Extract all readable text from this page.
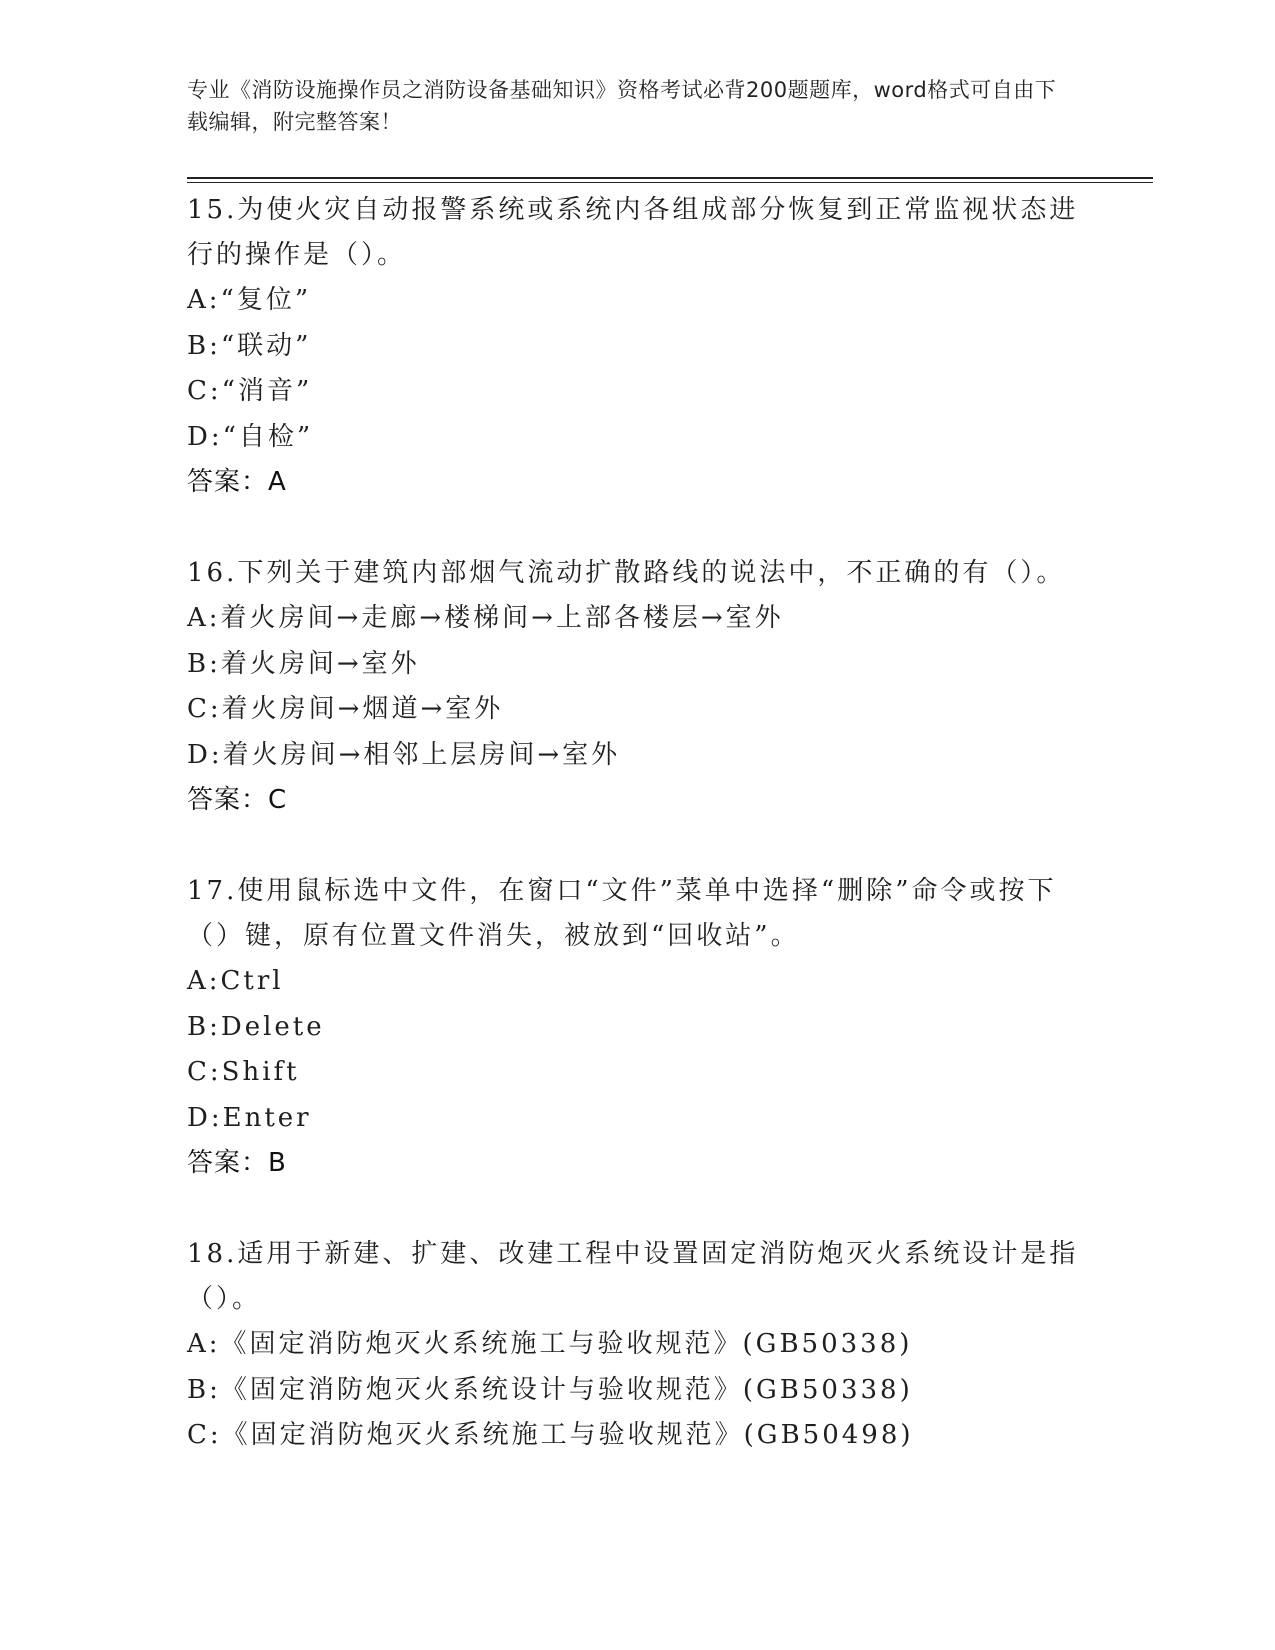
专业《消防设施操作员之消防设备基础知识》资格考试必背200题题库，word格式可自由下载编辑，附完整答案！
15.为使火灾自动报警系统或系统内各组成部分恢复到正常监视状态进行的操作是（）。
A:“复位”
B:“联动”
C:“消音”
D:“自检”
答案：A
16.下列关于建筑内部烟气流动扩散路线的说法中，不正确的有（）。
A:着火房间→走廊→楼梯间→上部各楼层→室外
B:着火房间→室外
C:着火房间→烟道→室外
D:着火房间→相邻上层房间→室外
答案：C
17.使用鼠标选中文件，在窗口“文件”菜单中选择“删除”命令或按下（）键，原有位置文件消失，被放到“回收站”。
A:Ctrl
B:Delete
C:Shift
D:Enter
答案：B
18.适用于新建、扩建、改建工程中设置固定消防炮灭火系统设计是指（）。
A:《固定消防炮灭火系统施工与验收规范》(GB50338)
B:《固定消防炮灭火系统设计与验收规范》(GB50338)
C:《固定消防炮灭火系统施工与验收规范》(GB50498)
